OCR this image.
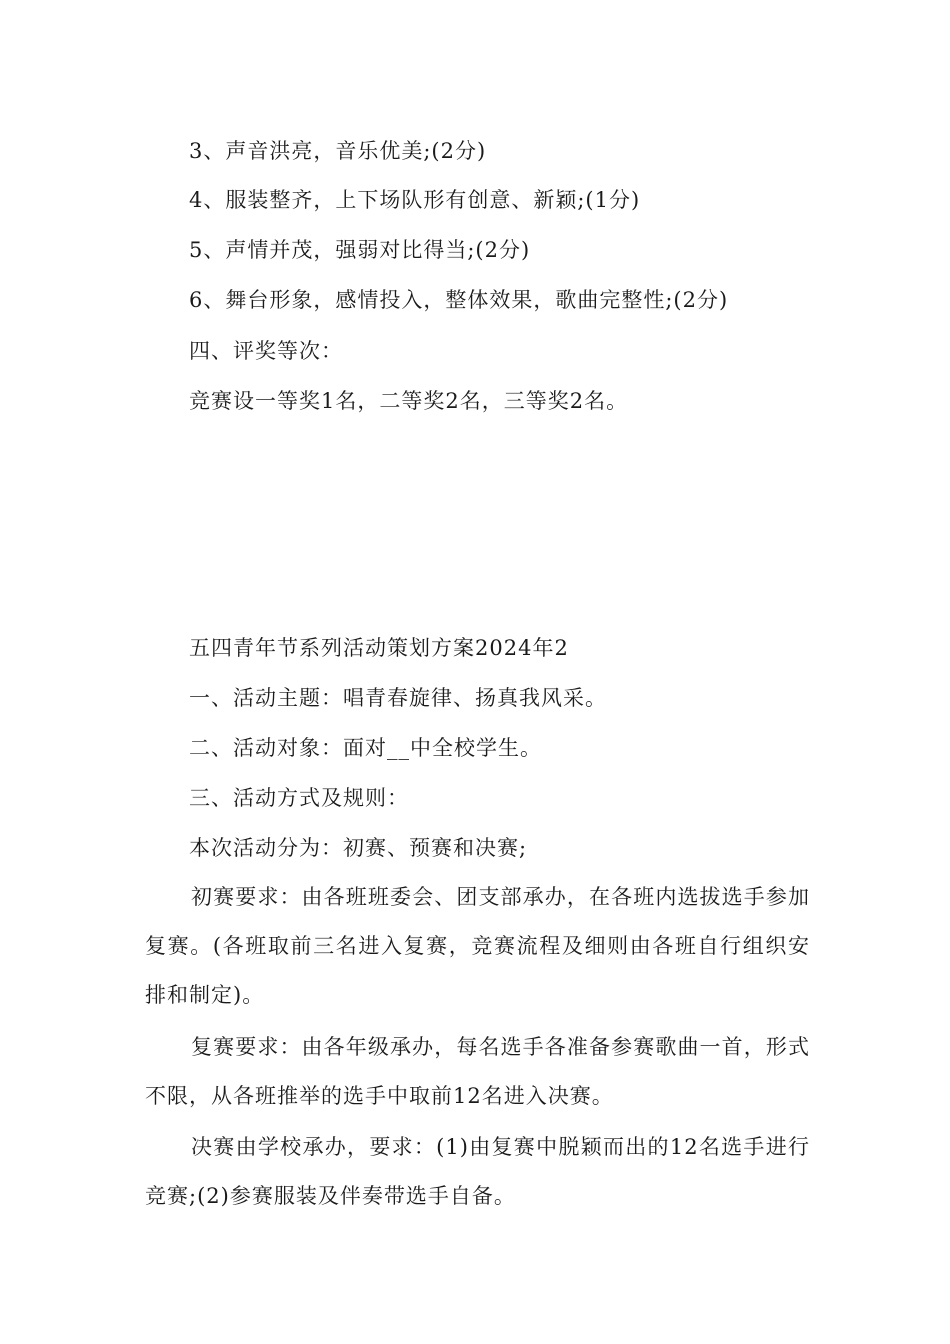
3、声音洪亮，音乐优美;(2分)
4、服装整齐，上下场队形有创意、新颖;(1分)
5、声情并茂，强弱对比得当;(2分)
6、舞台形象，感情投入，整体效果，歌曲完整性;(2分)
四、评奖等次：
竞赛设一等奖1名，二等奖2名，三等奖2名。
五四青年节系列活动策划方案2024年2
一、活动主题：唱青春旋律、扬真我风采。
二、活动对象：面对__中全校学生。
三、活动方式及规则：
本次活动分为：初赛、预赛和决赛;
初赛要求：由各班班委会、团支部承办，在各班内选拔选手参加复赛。(各班取前三名进入复赛，竞赛流程及细则由各班自行组织安排和制定)。
复赛要求：由各年级承办，每名选手各准备参赛歌曲一首，形式不限，从各班推举的选手中取前12名进入决赛。
决赛由学校承办，要求：(1)由复赛中脱颖而出的12名选手进行竞赛;(2)参赛服装及伴奏带选手自备。
